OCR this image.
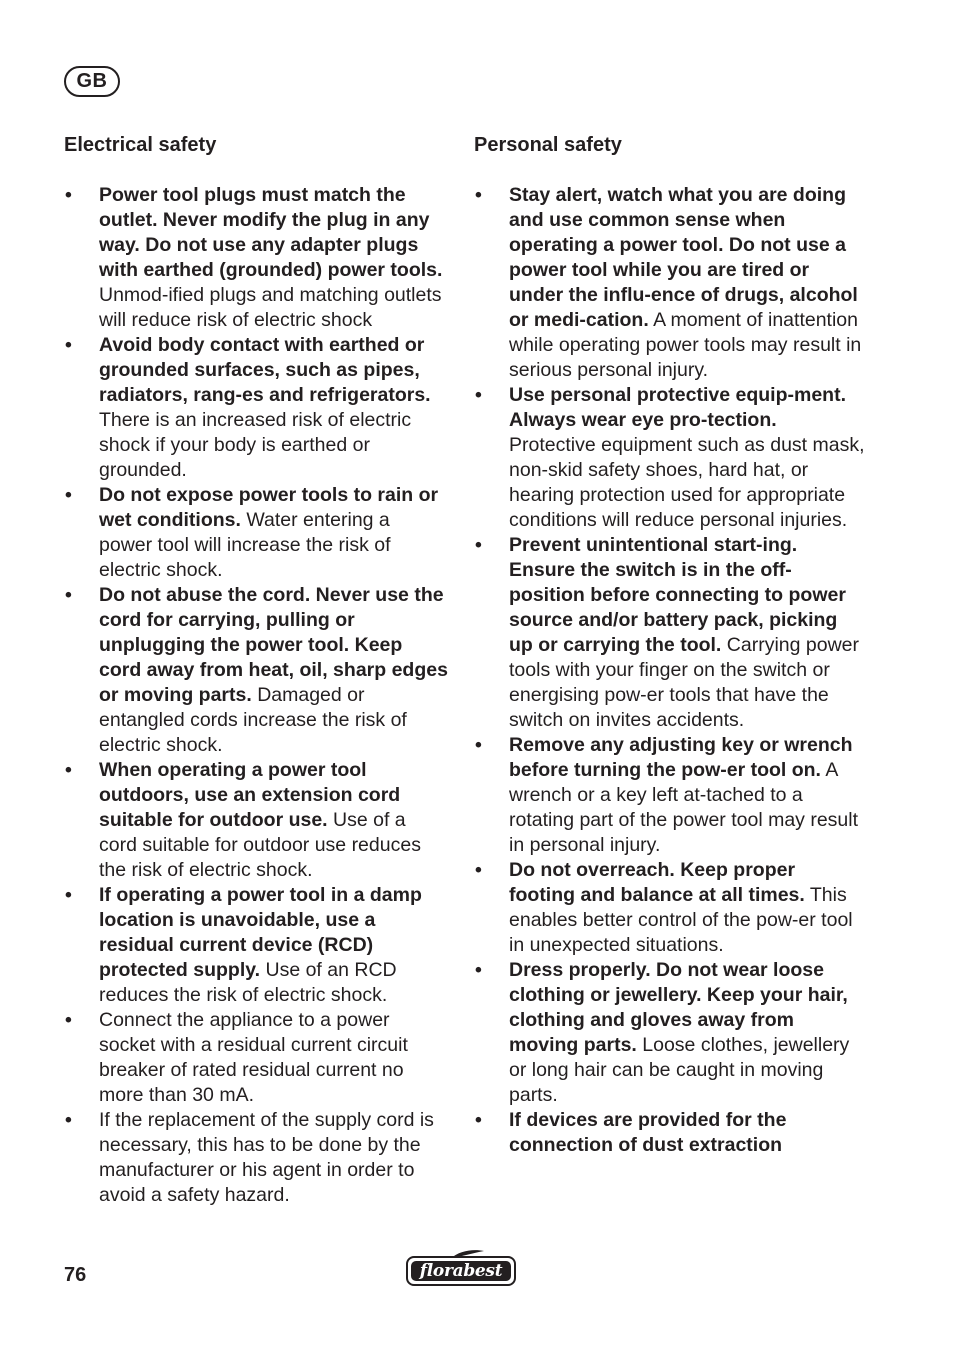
GB
Electrical safety
• Power tool plugs must match the outlet. Never modify the plug in any way. Do not use any adapter plugs with earthed (grounded) power tools. Unmod-ified plugs and matching outlets will reduce risk of electric shock
• Avoid body contact with earthed or grounded surfaces, such as pipes, radiators, rang-es and refrigerators. There is an increased risk of electric shock if your body is earthed or grounded.
• Do not expose power tools to rain or wet conditions. Water entering a power tool will increase the risk of electric shock.
• Do not abuse the cord. Never use the cord for carrying, pulling or unplugging the power tool. Keep cord away from heat, oil, sharp edges or moving parts. Damaged or entangled cords increase the risk of electric shock.
• When operating a power tool outdoors, use an extension cord suitable for outdoor use. Use of a cord suitable for outdoor use reduces the risk of electric shock.
• If operating a power tool in a damp location is unavoidable, use a residual current device (RCD) protected supply. Use of an RCD reduces the risk of electric shock.
• Connect the appliance to a power socket with a residual current circuit breaker of rated residual current no more than 30 mA.
• If the replacement of the supply cord is necessary, this has to be done by the manufacturer or his agent in order to avoid a safety hazard.
Personal safety
• Stay alert, watch what you are doing and use common sense when operating a power tool. Do not use a power tool while you are tired or under the influ-ence of drugs, alcohol or medi-cation. A moment of inattention while operating power tools may result in serious personal injury.
• Use personal protective equip-ment. Always wear eye pro-tection. Protective equipment such as dust mask, non-skid safety shoes, hard hat, or hearing protection used for appropriate conditions will reduce personal injuries.
• Prevent unintentional start-ing. Ensure the switch is in the off-position before connecting to power source and/or battery pack, picking up or carrying the tool. Carrying power tools with your finger on the switch or energising pow-er tools that have the switch on invites accidents.
• Remove any adjusting key or wrench before turning the pow-er tool on. A wrench or a key left at-tached to a rotating part of the power tool may result in personal injury.
• Do not overreach. Keep proper footing and balance at all times. This enables better control of the pow-er tool in unexpected situations.
• Dress properly. Do not wear loose clothing or jewellery. Keep your hair, clothing and gloves away from moving parts. Loose clothes, jewellery or long hair can be caught in moving parts.
• If devices are provided for the connection of dust extraction
76	florabest
